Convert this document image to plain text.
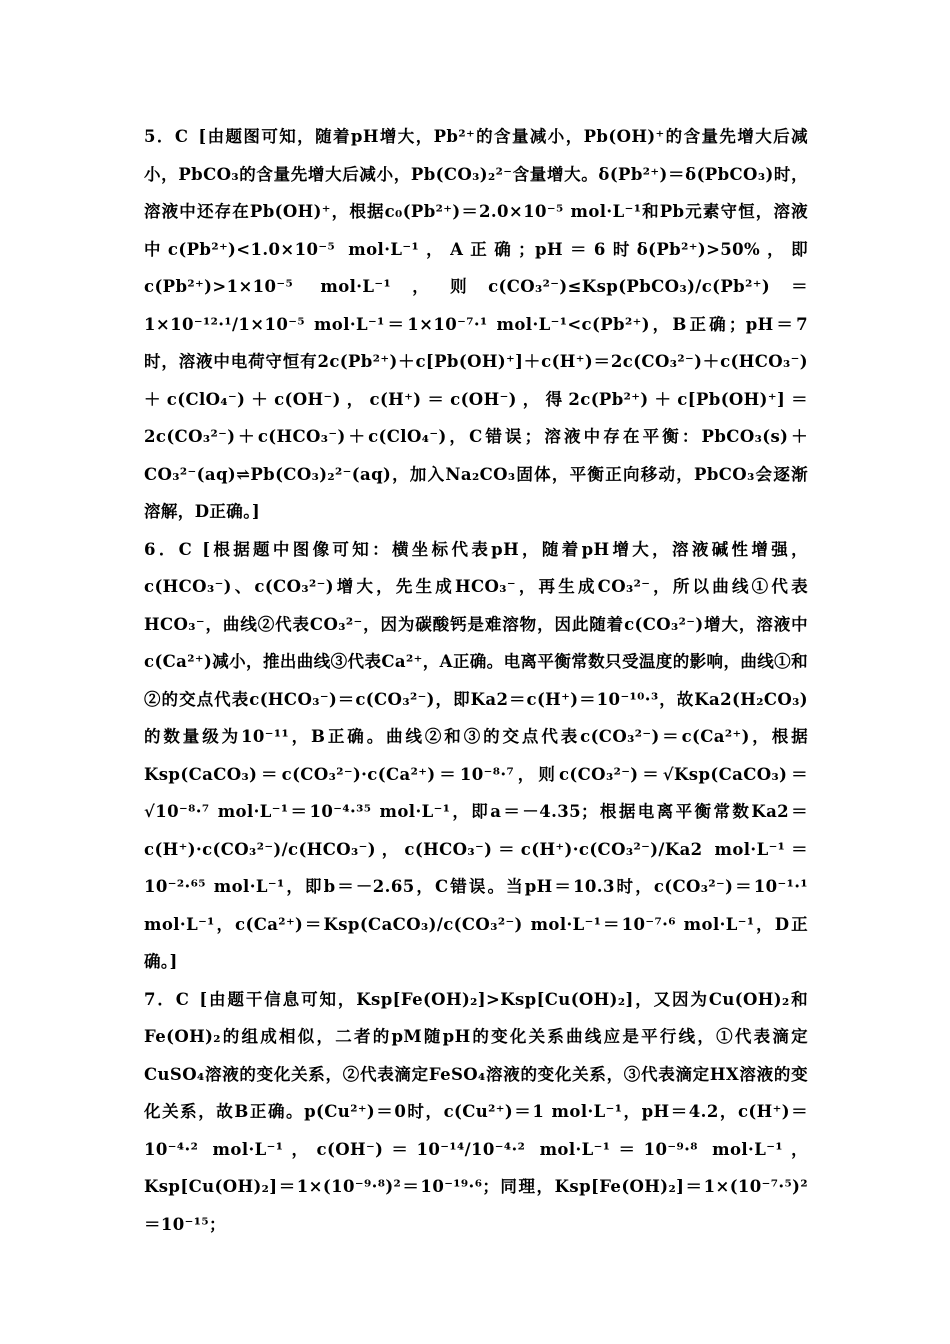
5．C [由题图可知，随着pH增大，Pb²⁺的含量减小，Pb(OH)⁺的含量先增大后减小，PbCO₃的含量先增大后减小，Pb(CO₃)₂²⁻含量增大。δ(Pb²⁺)＝δ(PbCO₃)时，溶液中还存在Pb(OH)⁺，根据c₀(Pb²⁺)＝2.0×10⁻⁵ mol·L⁻¹和Pb元素守恒，溶液中c(Pb²⁺)<1.0×10⁻⁵ mol·L⁻¹，A正确；pH＝6时δ(Pb²⁺)>50%，即c(Pb²⁺)>1×10⁻⁵ mol·L⁻¹，则c(CO₃²⁻)≤Ksp(PbCO₃)/c(Pb²⁺)＝1×10⁻¹²·¹/1×10⁻⁵ mol·L⁻¹＝1×10⁻⁷·¹ mol·L⁻¹<c(Pb²⁺)，B正确；pH＝7时，溶液中电荷守恒有2c(Pb²⁺)＋c[Pb(OH)⁺]＋c(H⁺)＝2c(CO₃²⁻)＋c(HCO₃⁻)＋c(ClO₄⁻)＋c(OH⁻)，c(H⁺)＝c(OH⁻)，得2c(Pb²⁺)＋c[Pb(OH)⁺]＝2c(CO₃²⁻)＋c(HCO₃⁻)＋c(ClO₄⁻)，C错误；溶液中存在平衡：PbCO₃(s)＋CO₃²⁻(aq)⇌Pb(CO₃)₂²⁻(aq)，加入Na₂CO₃固体，平衡正向移动，PbCO₃会逐渐溶解，D正确。]

6．C [根据题中图像可知：横坐标代表pH，随着pH增大，溶液碱性增强，c(HCO₃⁻)、c(CO₃²⁻)增大，先生成HCO₃⁻，再生成CO₃²⁻，所以曲线①代表HCO₃⁻，曲线②代表CO₃²⁻，因为碳酸钙是难溶物，因此随着c(CO₃²⁻)增大，溶液中c(Ca²⁺)减小，推出曲线③代表Ca²⁺，A正确。电离平衡常数只受温度的影响，曲线①和②的交点代表c(HCO₃⁻)＝c(CO₃²⁻)，即Ka2＝c(H⁺)＝10⁻¹⁰·³，故Ka2(H₂CO₃)的数量级为10⁻¹¹，B正确。曲线②和③的交点代表c(CO₃²⁻)＝c(Ca²⁺)，根据Ksp(CaCO₃)＝c(CO₃²⁻)·c(Ca²⁺)＝10⁻⁸·⁷，则c(CO₃²⁻)＝√Ksp(CaCO₃)＝√10⁻⁸·⁷ mol·L⁻¹＝10⁻⁴·³⁵ mol·L⁻¹，即a＝－4.35；根据电离平衡常数Ka2＝c(H⁺)·c(CO₃²⁻)/c(HCO₃⁻)，c(HCO₃⁻)＝c(H⁺)·c(CO₃²⁻)/Ka2 mol·L⁻¹＝10⁻²·⁶⁵ mol·L⁻¹，即b＝－2.65，C错误。当pH＝10.3时，c(CO₃²⁻)＝10⁻¹·¹ mol·L⁻¹，c(Ca²⁺)＝Ksp(CaCO₃)/c(CO₃²⁻) mol·L⁻¹＝10⁻⁷·⁶ mol·L⁻¹，D正确。]

7．C [由题干信息可知，Ksp[Fe(OH)₂]>Ksp[Cu(OH)₂]，又因为Cu(OH)₂和Fe(OH)₂的组成相似，二者的pM随pH的变化关系曲线应是平行线，①代表滴定CuSO₄溶液的变化关系，②代表滴定FeSO₄溶液的变化关系，③代表滴定HX溶液的变化关系，故B正确。p(Cu²⁺)＝0时，c(Cu²⁺)＝1 mol·L⁻¹，pH＝4.2，c(H⁺)＝10⁻⁴·² mol·L⁻¹，c(OH⁻)＝10⁻¹⁴/10⁻⁴·² mol·L⁻¹＝10⁻⁹·⁸ mol·L⁻¹，Ksp[Cu(OH)₂]＝1×(10⁻⁹·⁸)²＝10⁻¹⁹·⁶；同理，Ksp[Fe(OH)₂]＝1×(10⁻⁷·⁵)²＝10⁻¹⁵；
